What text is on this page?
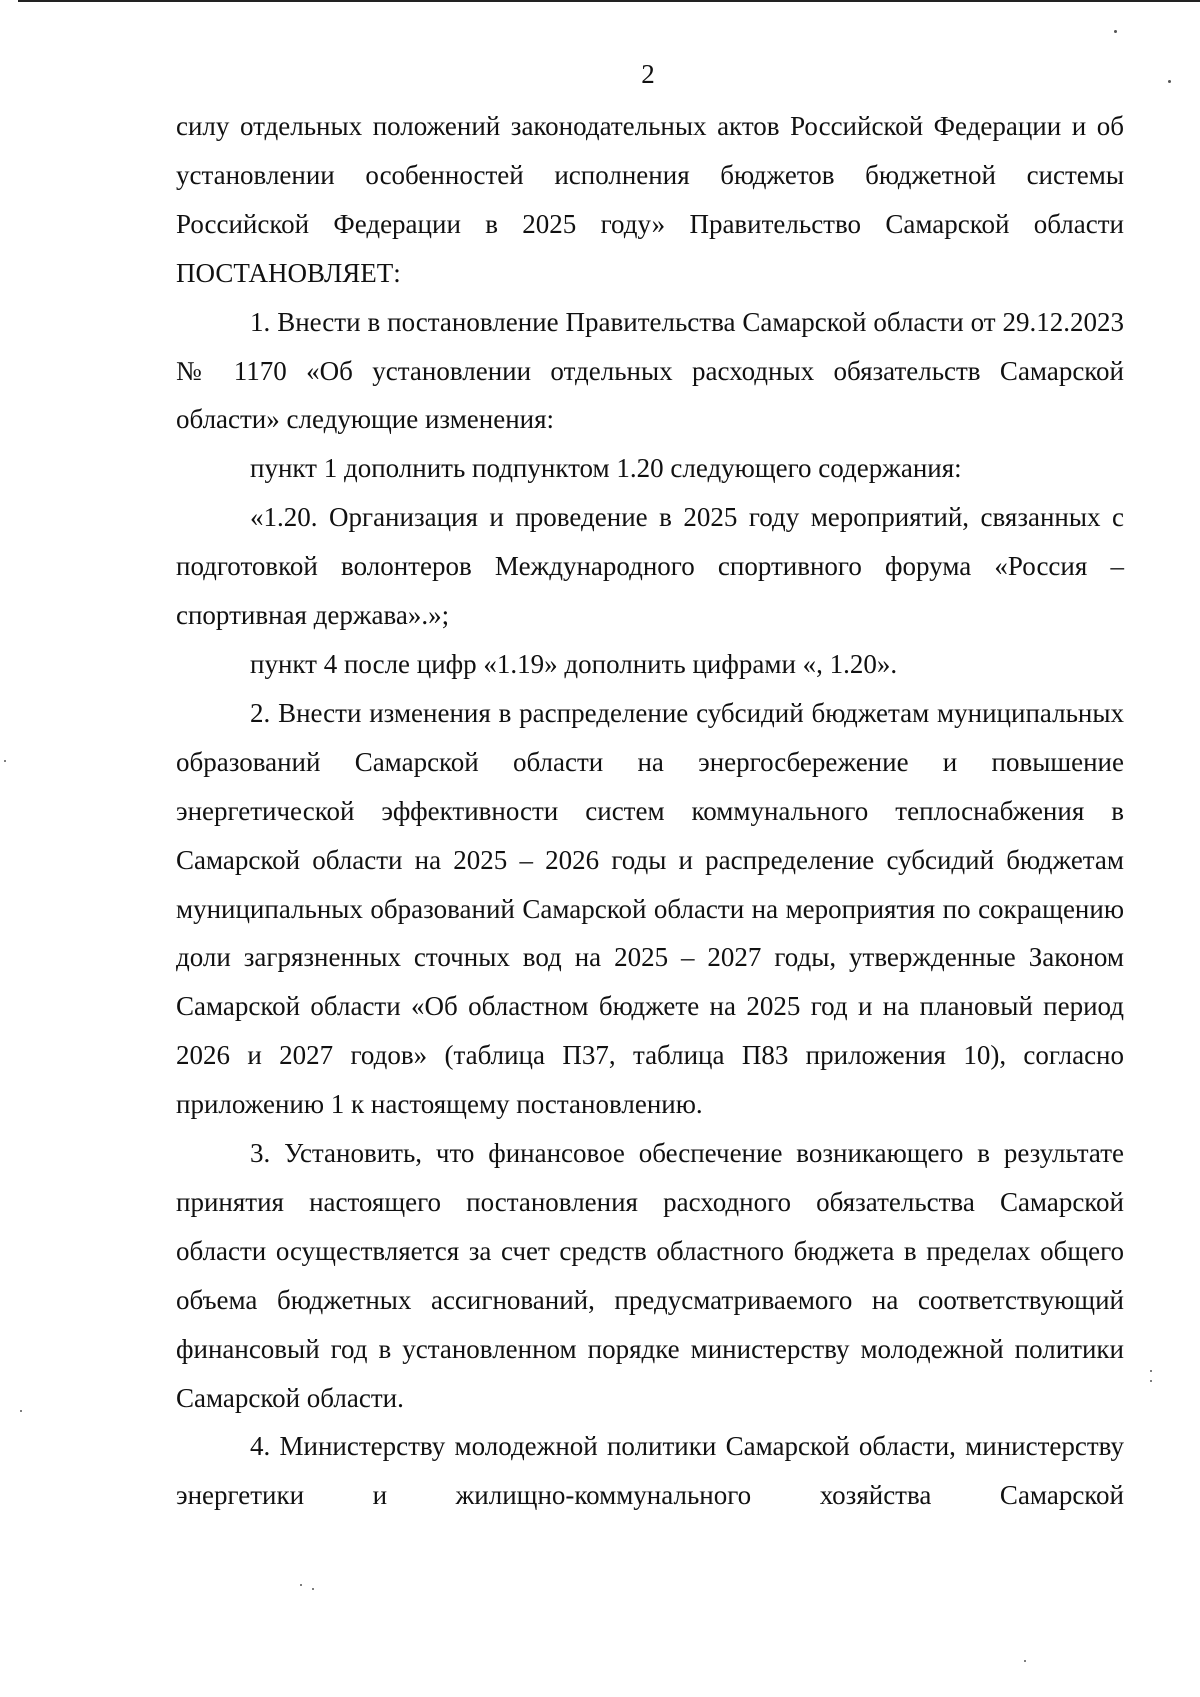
2

силу отдельных положений законодательных актов Российской Федерации и об установлении особенностей исполнения бюджетов бюджетной системы Российской Федерации в 2025 году» Правительство Самарской области ПОСТАНОВЛЯЕТ:

1. Внести в постановление Правительства Самарской области от 29.12.2023 № 1170 «Об установлении отдельных расходных обязательств Самарской области» следующие изменения:

пункт 1 дополнить подпунктом 1.20 следующего содержания:

«1.20. Организация и проведение в 2025 году мероприятий, связанных с подготовкой волонтеров Международного спортивного форума «Россия – спортивная держава».»;

пункт 4 после цифр «1.19» дополнить цифрами «, 1.20».

2. Внести изменения в распределение субсидий бюджетам муниципальных образований Самарской области на энергосбережение и повышение энергетической эффективности систем коммунального теплоснабжения в Самарской области на 2025 – 2026 годы и распределение субсидий бюджетам муниципальных образований Самарской области на мероприятия по сокращению доли загрязненных сточных вод на 2025 – 2027 годы, утвержденные Законом Самарской области «Об областном бюджете на 2025 год и на плановый период 2026 и 2027 годов» (таблица П37, таблица П83 приложения 10), согласно приложению 1 к настоящему постановлению.

3. Установить, что финансовое обеспечение возникающего в результате принятия настоящего постановления расходного обязательства Самарской области осуществляется за счет средств областного бюджета в пределах общего объема бюджетных ассигнований, предусматриваемого на соответствующий финансовый год в установленном порядке министерству молодежной политики Самарской области.

4. Министерству молодежной политики Самарской области, министерству энергетики и жилищно-коммунального хозяйства Самарской
